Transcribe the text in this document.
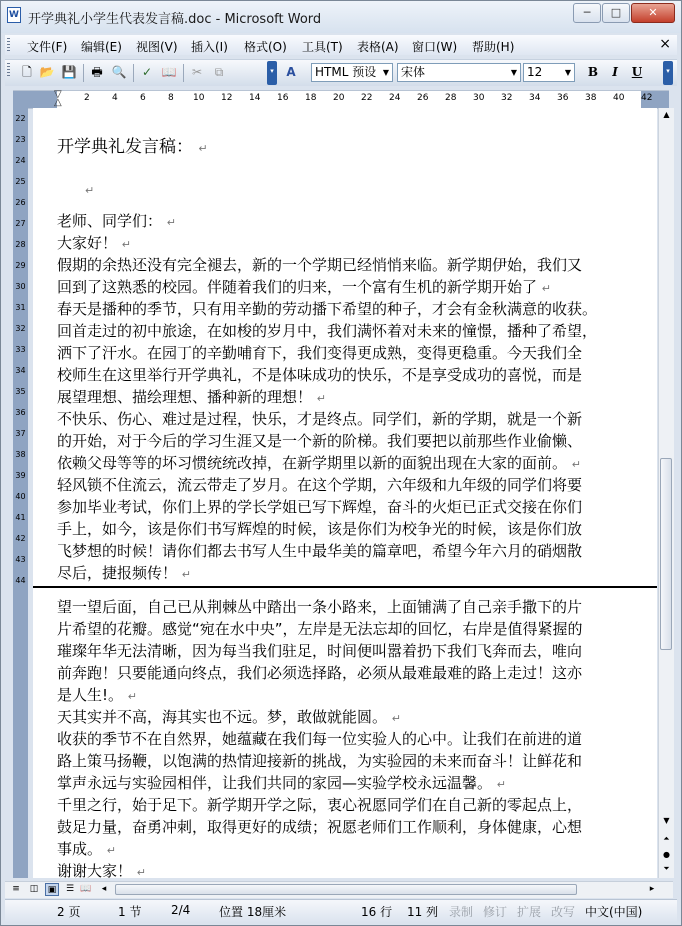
W 开学典礼小学生代表发言稿.doc - Microsoft Word	─	□	✕
文件(F) 编辑(E) 视图(V) 插入(I) 格式(O) 工具(T) 表格(A) 窗口(W) 帮助(H)	×
🗋 📂 💾 🖶 🔍 ✓ 📖 ✂	⧉	▾ A	HTML 预设 ▼ 宋体	▼ 12	▼ B	I	U	▾
▽
△ 2 4 6 8 10 12 14 16 18 20 22 24 26 28 30 32 34 36 38 40 42
22
23
24
25
26
27
28
29
30
31
32
33
34
35
36
37
38
39
40
41
42
43
44
开学典礼发言稿： ↵
↵
老师、同学们： ↵
大家好！ ↵
假期的余热还没有完全褪去，新的一个学期已经悄悄来临。新学期伊始，我们又
回到了这熟悉的校园。伴随着我们的归来，一个富有生机的新学期开始了 ↵
春天是播种的季节，只有用辛勤的劳动播下希望的种子，才会有金秋满意的收获。
回首走过的初中旅途，在如梭的岁月中，我们满怀着对未来的憧憬，播种了希望，
洒下了汗水。在园丁的辛勤哺育下，我们变得更成熟，变得更稳重。今天我们全
校师生在这里举行开学典礼，不是体味成功的快乐，不是享受成功的喜悦，而是
展望理想、描绘理想、播种新的理想！ ↵
不快乐、伤心、难过是过程，快乐，才是终点。同学们，新的学期，就是一个新
的开始，对于今后的学习生涯又是一个新的阶梯。我们要把以前那些作业偷懒、
依赖父母等等的坏习惯统统改掉，在新学期里以新的面貌出现在大家的面前。 ↵
轻风锁不住流云，流云带走了岁月。在这个学期，六年级和九年级的同学们将要
参加毕业考试，你们上界的学长学姐已写下辉煌，奋斗的火炬已正式交接在你们
手上，如今，该是你们书写辉煌的时候，该是你们为校争光的时候，该是你们放
飞梦想的时候！请你们都去书写人生中最华美的篇章吧，希望今年六月的硝烟散
尽后，捷报频传！ ↵
望一望后面，自己已从荆棘丛中踏出一条小路来，上面铺满了自己亲手撒下的片
片希望的花瓣。感觉“宛在水中央”，左岸是无法忘却的回忆，右岸是值得紧握的
璀璨年华无法清晰，因为每当我们驻足，时间便叫嚣着扔下我们飞奔而去，唯向
前奔跑！只要能通向终点，我们必须选择路，必须从最难最难的路上走过！这亦
是人生!。 ↵
天其实并不高，海其实也不远。梦，敢做就能圆。 ↵
收获的季节不在自然界，她蕴藏在我们每一位实验人的心中。让我们在前进的道
路上策马扬鞭，以饱满的热情迎接新的挑战，为实验园的未来而奋斗！让鲜花和
掌声永远与实验园相伴，让我们共同的家园—实验学校永远温馨。 ↵
千里之行，始于足下。新学期开学之际，衷心祝愿同学们在自己新的零起点上，
鼓足力量，奋勇冲刺，取得更好的成绩；祝愿老师们工作顺利，身体健康，心想
事成。 ↵
谢谢大家！ ↵
▲
▼
⏶
●
⏷
≡	◫	▣	☰ 📖	◂	▸
2 页	1 节 2/4 位置 18厘米	16 行 11 列 录制 修订 扩展 改写 中文(中国)
